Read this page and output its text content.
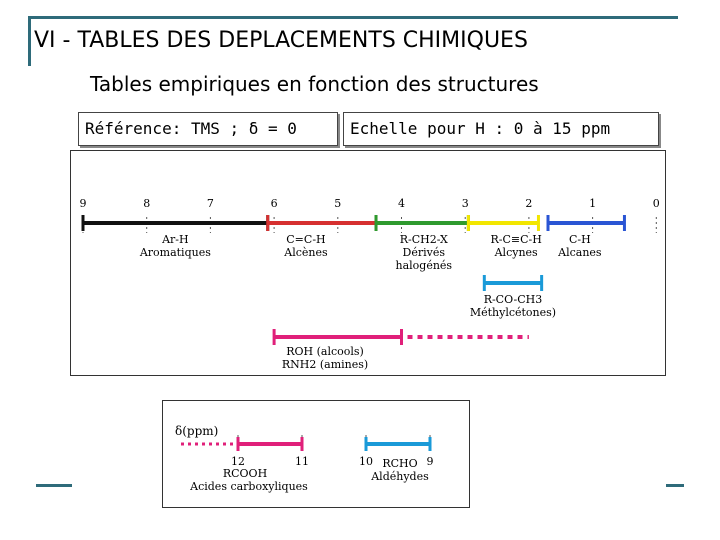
VI - TABLES DES DEPLACEMENTS CHIMIQUES
Tables empiriques en fonction des structures
Référence: TMS ; δ = 0	Echelle pour H : 0 à 15 ppm
9	8	7	6	5	4	3	2	1	0
Ar-H
Aromatiques
C=C-H
Alcènes
R-CH2-X
Dérivés
halogénés
R-C≡C-H
Alcynes
C-H
Alcanes
R-CO-CH3
Méthylcétones)
ROH (alcools)
RNH2 (amines)
δ(ppm)
12	11	10	9
RCOOH
Acides carboxyliques
RCHO
Aldéhydes
